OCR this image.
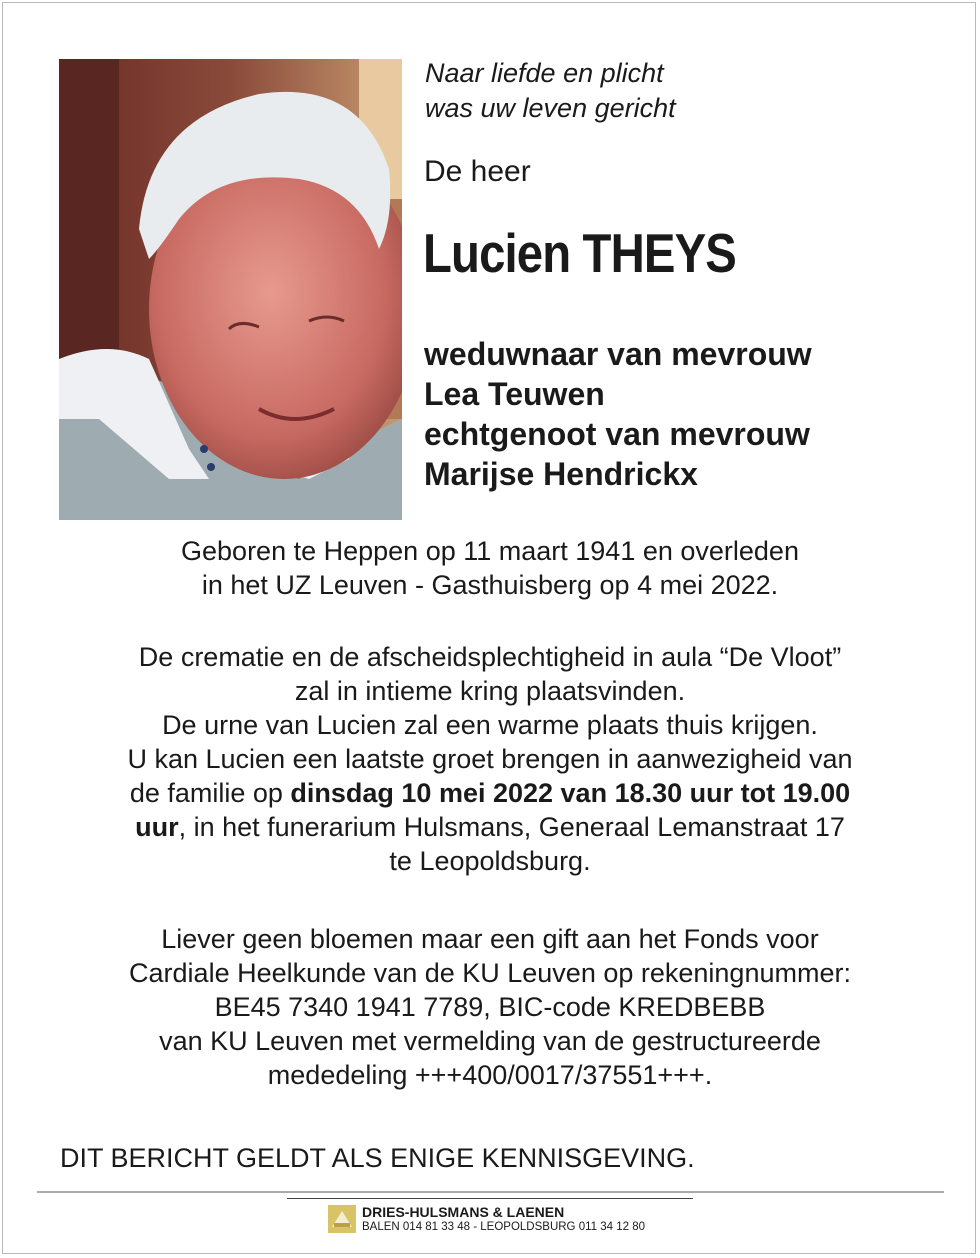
Naar liefde en plicht
was uw leven gericht
De heer
Lucien THEYS
weduwnaar van mevrouw
Lea Teuwen
echtgenoot van mevrouw
Marijse Hendrickx
Geboren te Heppen op 11 maart 1941 en overleden
in het UZ Leuven - Gasthuisberg op 4 mei 2022.
De crematie en de afscheidsplechtigheid in aula “De Vloot”
zal in intieme kring plaatsvinden.
De urne van Lucien zal een warme plaats thuis krijgen.
U kan Lucien een laatste groet brengen in aanwezigheid van
de familie op dinsdag 10 mei 2022 van 18.30 uur tot 19.00
uur, in het funerarium Hulsmans, Generaal Lemanstraat 17
te Leopoldsburg.
Liever geen bloemen maar een gift aan het Fonds voor
Cardiale Heelkunde van de KU Leuven op rekeningnummer:
BE45 7340 1941 7789, BIC-code KREDBEBB
van KU Leuven met vermelding van de gestructureerde
mededeling +++400/0017/37551+++.
DIT BERICHT GELDT ALS ENIGE KENNISGEVING.
DRIES-HULSMANS & LAENEN
BALEN 014 81 33 48 - LEOPOLDSBURG 011 34 12 80
